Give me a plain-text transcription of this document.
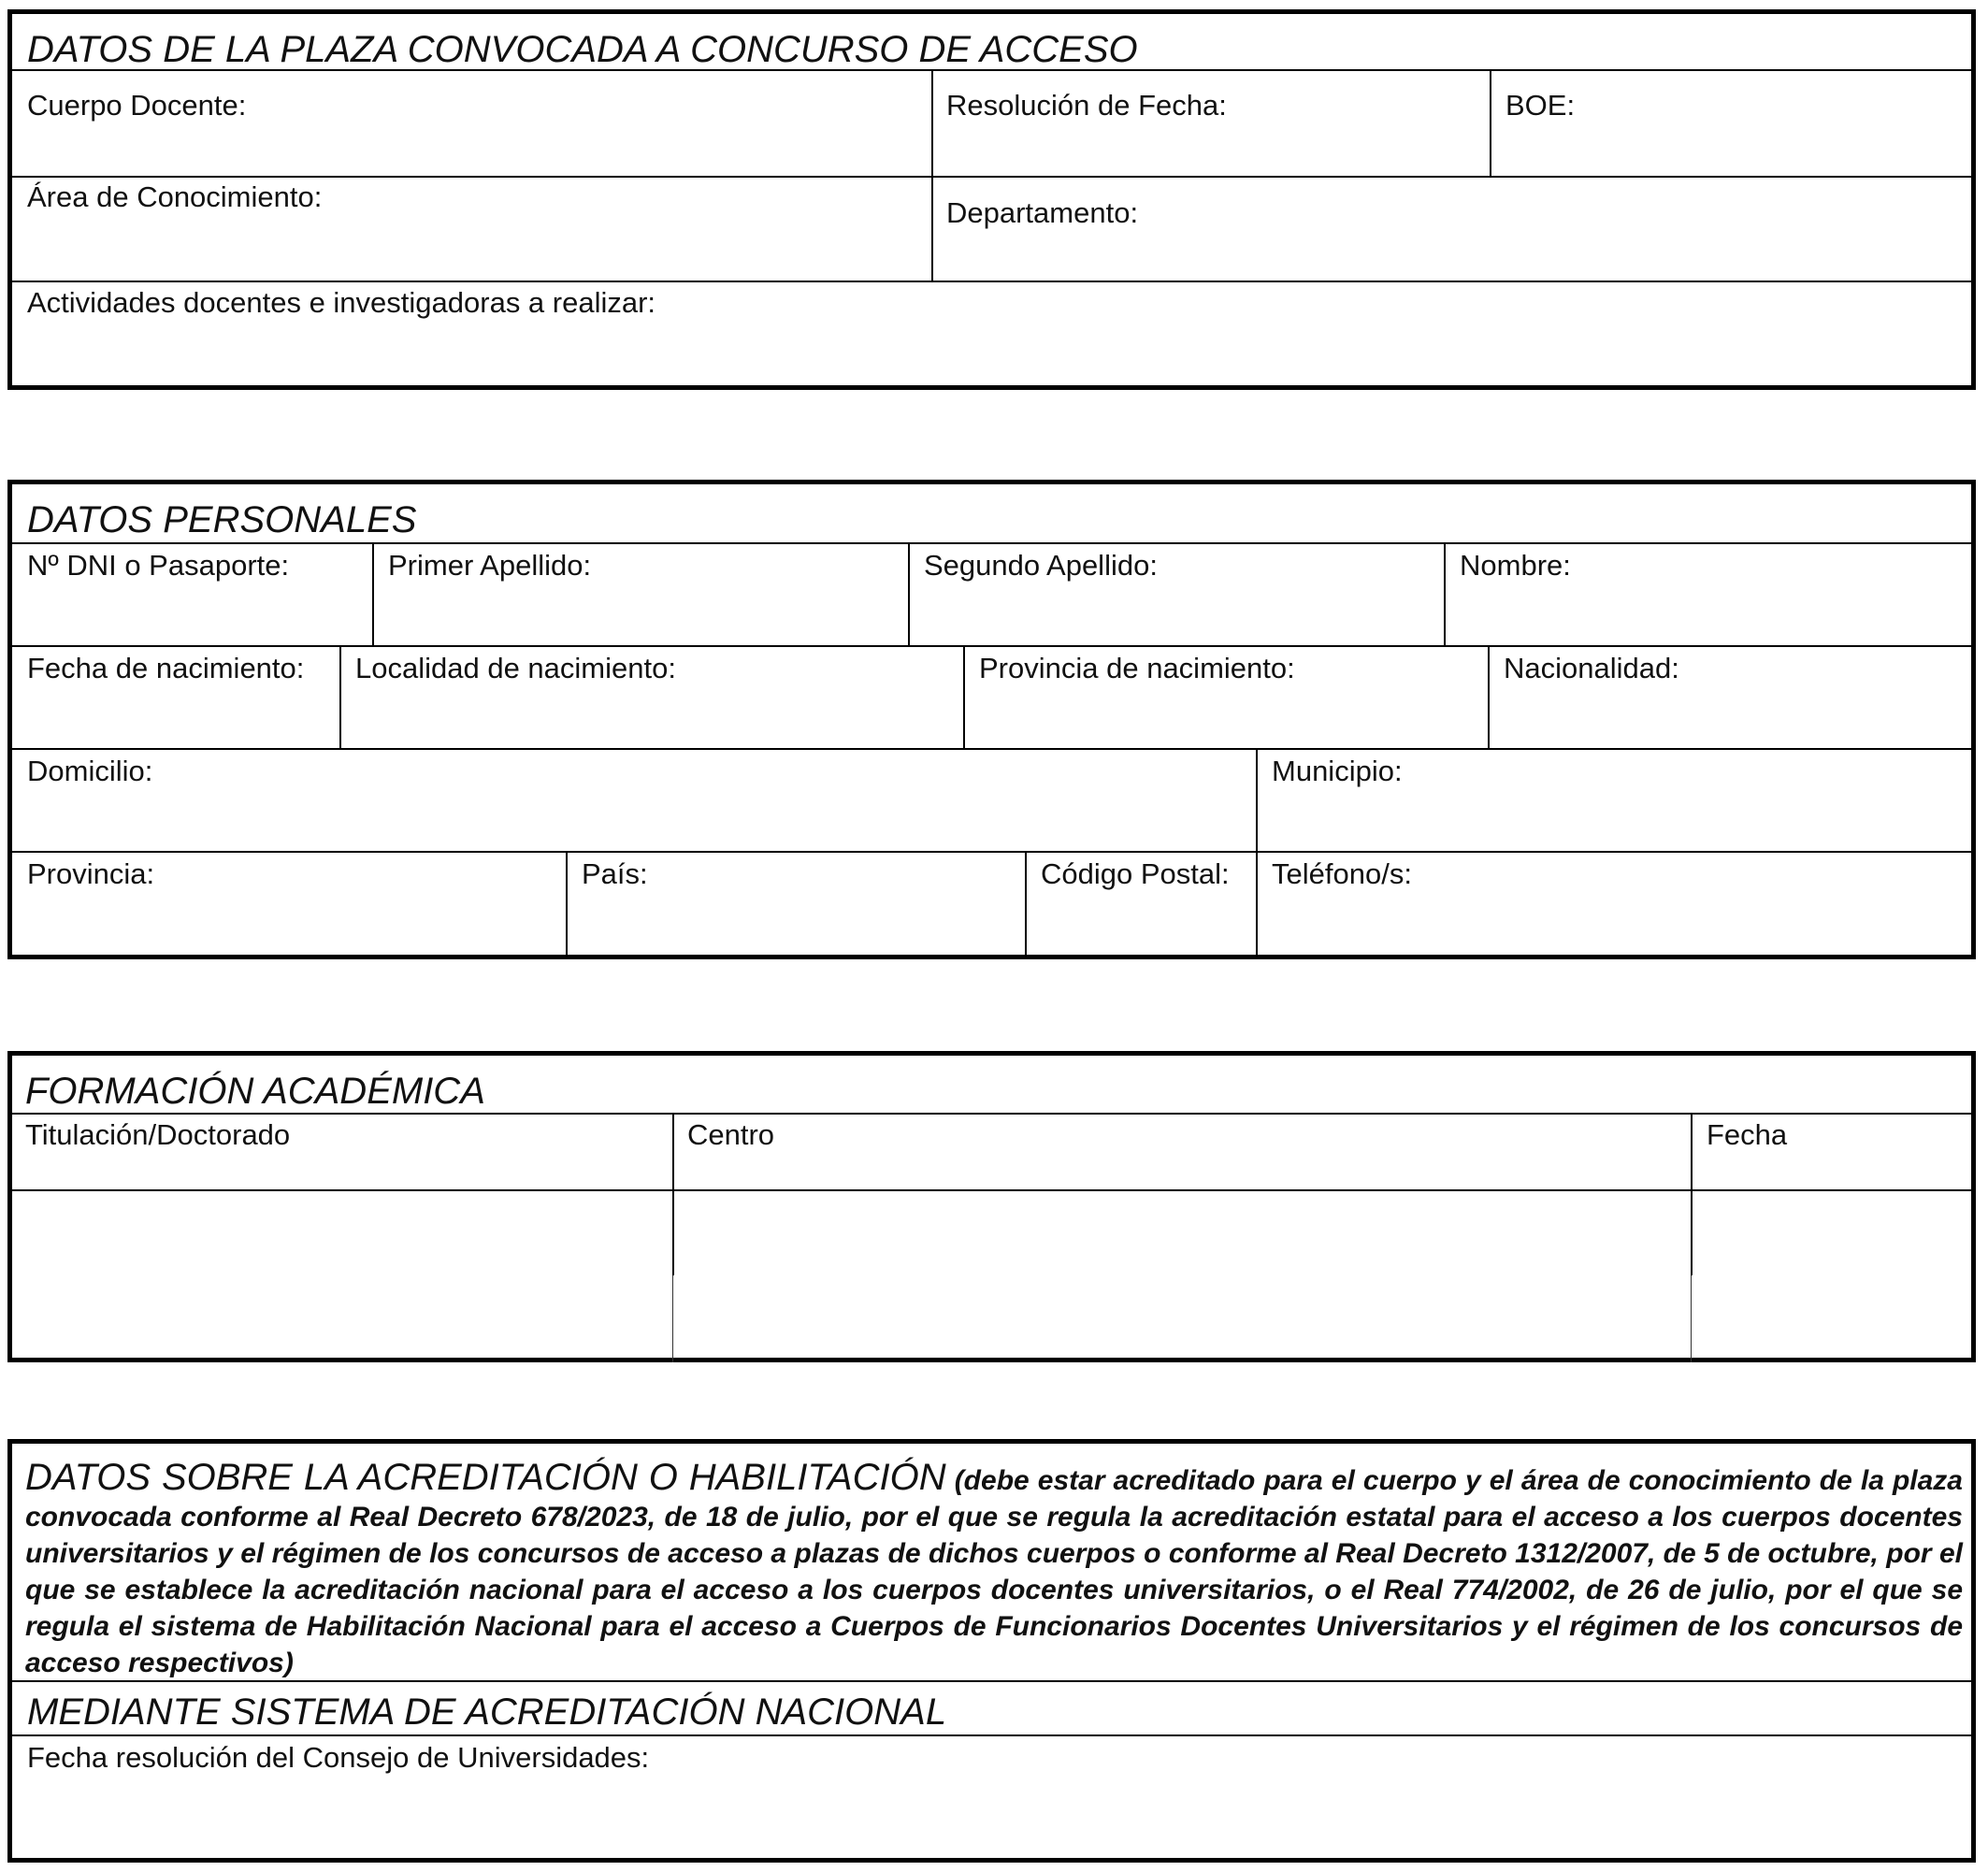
DATOS DE LA PLAZA CONVOCADA A CONCURSO DE ACCESO
Cuerpo Docente:	Resolución de Fecha:	BOE:
Área de Conocimiento:	Departamento:
Actividades docentes e investigadoras a realizar:
DATOS PERSONALES
Nº DNI o Pasaporte:	Primer Apellido:	Segundo Apellido:	Nombre:
Fecha de nacimiento: Localidad de nacimiento:	Provincia de nacimiento:	Nacionalidad:
Domicilio:	Municipio:
Provincia:	País:	Código Postal: Teléfono/s:
FORMACIÓN ACADÉMICA
Titulación/Doctorado	Centro	Fecha
DATOS SOBRE LA ACREDITACIÓN O HABILITACIÓN (debe estar acreditado para el cuerpo y el área de conocimiento de la plaza convocada conforme al Real Decreto 678/2023, de 18 de julio, por el que se regula la acreditación estatal para el acceso a los cuerpos docentes universitarios y el régimen de los concursos de acceso a plazas de dichos cuerpos o conforme al Real Decreto 1312/2007, de 5 de octubre, por el que se establece la acreditación nacional para el acceso a los cuerpos docentes universitarios, o el Real 774/2002, de 26 de julio, por el que se regula el sistema de Habilitación Nacional para el acceso a Cuerpos de Funcionarios Docentes Universitarios y el régimen de los concursos de acceso respectivos)
MEDIANTE SISTEMA DE ACREDITACIÓN NACIONAL
Fecha resolución del Consejo de Universidades:
